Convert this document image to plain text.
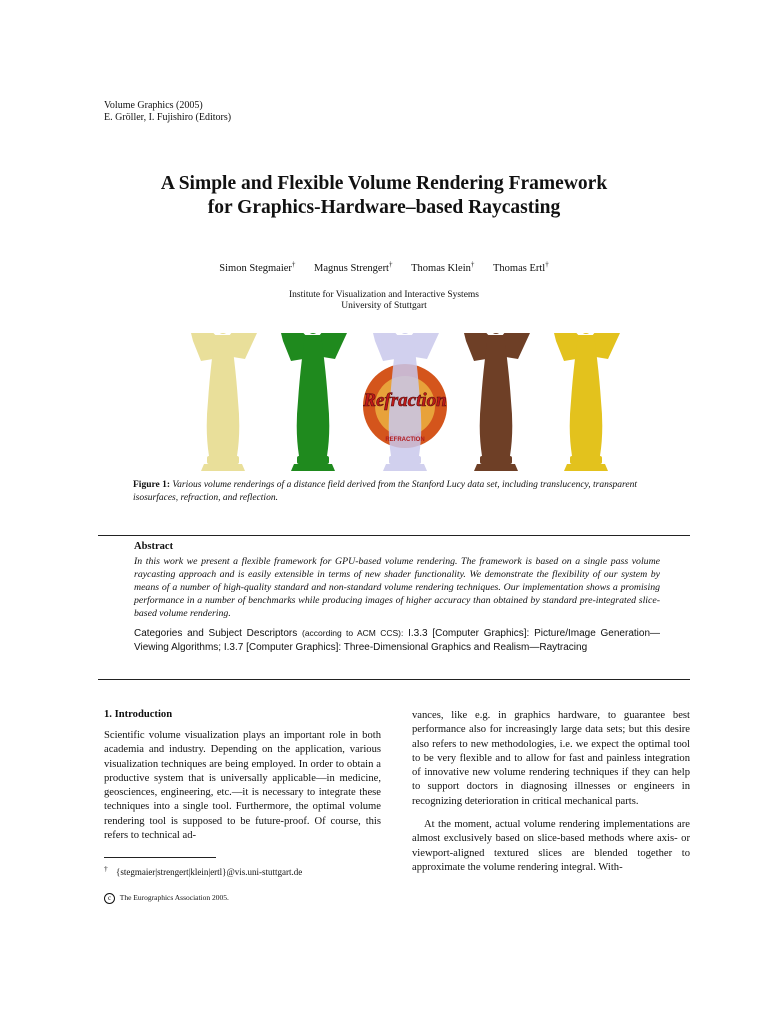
Volume Graphics (2005)
E. Gröller, I. Fujishiro (Editors)
A Simple and Flexible Volume Rendering Framework
for Graphics-Hardware–based Raycasting
Simon Stegmaier† Magnus Strengert† Thomas Klein† Thomas Ertl†
Institute for Visualization and Interactive Systems
University of Stuttgart
Refraction
REFRACTION
Figure 1: Various volume renderings of a distance field derived from the Stanford Lucy data set, including translucency, transparent isosurfaces, refraction, and reflection.
Abstract
In this work we present a flexible framework for GPU-based volume rendering. The framework is based on a single pass volume raycasting approach and is easily extensible in terms of new shader functionality. We demonstrate the flexibility of our system by means of a number of high-quality standard and non-standard volume rendering techniques. Our implementation shows a promising performance in a number of benchmarks while producing images of higher accuracy than obtained by standard pre-integrated slice-based volume rendering.
Categories and Subject Descriptors (according to ACM CCS): I.3.3 [Computer Graphics]: Picture/Image Generation—Viewing Algorithms; I.3.7 [Computer Graphics]: Three-Dimensional Graphics and Realism—Raytracing
1. Introduction
Scientific volume visualization plays an important role in both academia and industry. Depending on the application, various visualization techniques are being employed. In order to obtain a productive system that is universally applicable—in medicine, geosciences, engineering, etc.—it is necessary to integrate these techniques into a single tool. Furthermore, the optimal volume rendering tool is supposed to be future-proof. Of course, this refers to technical ad-

vances, like e.g. in graphics hardware, to guarantee best performance also for increasingly large data sets; but this desire also refers to new methodologies, i.e. we expect the optimal tool to be very flexible and to allow for fast and painless integration of innovative new volume rendering techniques if they can help to support doctors in diagnosing illnesses or engineers in recognizing deterioration in critical mechanical parts.

At the moment, actual volume rendering implementations are almost exclusively based on slice-based methods where axis- or viewport-aligned textured slices are blended together to approximate the volume rendering integral. With-

† {stegmaier|strengert|klein|ertl}@vis.uni-stuttgart.de
c The Eurographics Association 2005.
